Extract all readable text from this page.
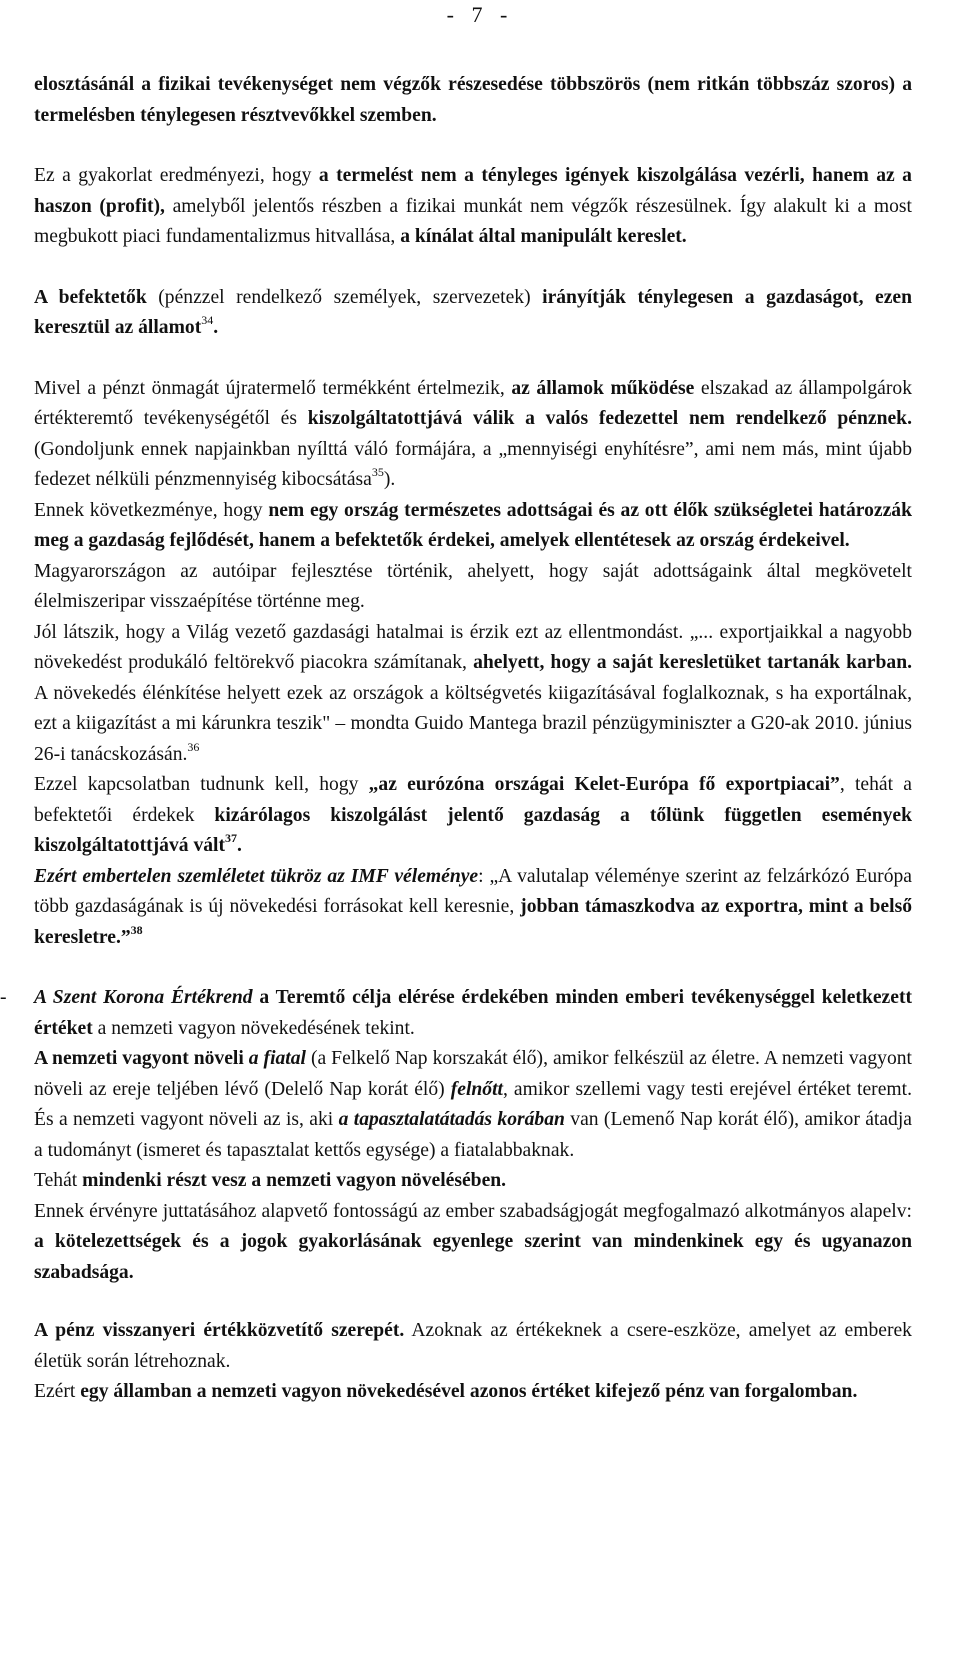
- 7 -

elosztásánál a fizikai tevékenységet nem végzők részesedése többszörös (nem ritkán többszáz szoros) a termelésben ténylegesen résztvevőkkel szemben.

Ez a gyakorlat eredményezi, hogy a termelést nem a tényleges igények kiszolgálása vezérli, hanem az a haszon (profit), amelyből jelentős részben a fizikai munkát nem végzők részesülnek. Így alakult ki a most megbukott piaci fundamentalizmus hitvallása, a kínálat által manipulált kereslet.

A befektetők (pénzzel rendelkező személyek, szervezetek) irányítják ténylegesen a gazdaságot, ezen keresztül az államot$^{34}$.

Mivel a pénzt önmagát újratermelő termékként értelmezik, az államok működése elszakad az állampolgárok értékteremtő tevékenységétől és kiszolgáltatottjává válik a valós fedezettel nem rendelkező pénznek. (Gondoljunk ennek napjainkban nyílttá váló formájára, a „mennyiségi enyhítésre”, ami nem más, mint újabb fedezet nélküli pénzmennyiség kibocsátása$^{35}$).

Ennek következménye, hogy nem egy ország természetes adottságai és az ott élők szükségletei határozzák meg a gazdaság fejlődését, hanem a befektetők érdekei, amelyek ellentétesek az ország érdekeivel.

Magyarországon az autóipar fejlesztése történik, ahelyett, hogy saját adottságaink által megkövetelt élelmiszeripar visszaépítése történne meg.

Jól látszik, hogy a Világ vezető gazdasági hatalmai is érzik ezt az ellentmondást. „... exportjaikkal a nagyobb növekedést produkáló feltörekvő piacokra számítanak, ahelyett, hogy a saját keresletüket tartanák karban. A növekedés élénkítése helyett ezek az országok a költségvetés kiigazításával foglalkoznak, s ha exportálnak, ezt a kiigazítást a mi kárunkra teszik" – mondta Guido Mantega brazil pénzügyminiszter a G20-ak 2010. június 26-i tanácskozásán.$^{36}$

Ezzel kapcsolatban tudnunk kell, hogy „az eurózóna országai Kelet-Európa fő exportpiacai”, tehát a befektetői érdekek kizárólagos kiszolgálást jelentő gazdaság a tőlünk független események kiszolgáltatottjává vált$^{37}$.

Ezért embertelen szemléletet tükröz az IMF véleménye: „A valutalap véleménye szerint az felzárkózó Európa több gazdaságának is új növekedési forrásokat kell keresnie, jobban támaszkodva az exportra, mint a belső keresletre.”$^{38}$

- A Szent Korona Értékrend a Teremtő célja elérése érdekében minden emberi tevékenységgel keletkezett értéket a nemzeti vagyon növekedésének tekint.

A nemzeti vagyont növeli a fiatal (a Felkelő Nap korszakát élő), amikor felkészül az életre. A nemzeti vagyont növeli az ereje teljében lévő (Delelő Nap korát élő) felnőtt, amikor szellemi vagy testi erejével értéket teremt. És a nemzeti vagyont növeli az is, aki a tapasztalatátadás korában van (Lemenő Nap korát élő), amikor átadja a tudományt (ismeret és tapasztalat kettős egysége) a fiatalabbaknak.

Tehát mindenki részt vesz a nemzeti vagyon növelésében.

Ennek érvényre juttatásához alapvető fontosságú az ember szabadságjogát megfogalmazó alkotmányos alapelv: a kötelezettségek és a jogok gyakorlásának egyenlege szerint van mindenkinek egy és ugyanazon szabadsága.

A pénz visszanyeri értékközvetítő szerepét. Azoknak az értékeknek a csere-eszköze, amelyet az emberek életük során létrehoznak.

Ezért egy államban a nemzeti vagyon növekedésével azonos értéket kifejező pénz van forgalomban.
